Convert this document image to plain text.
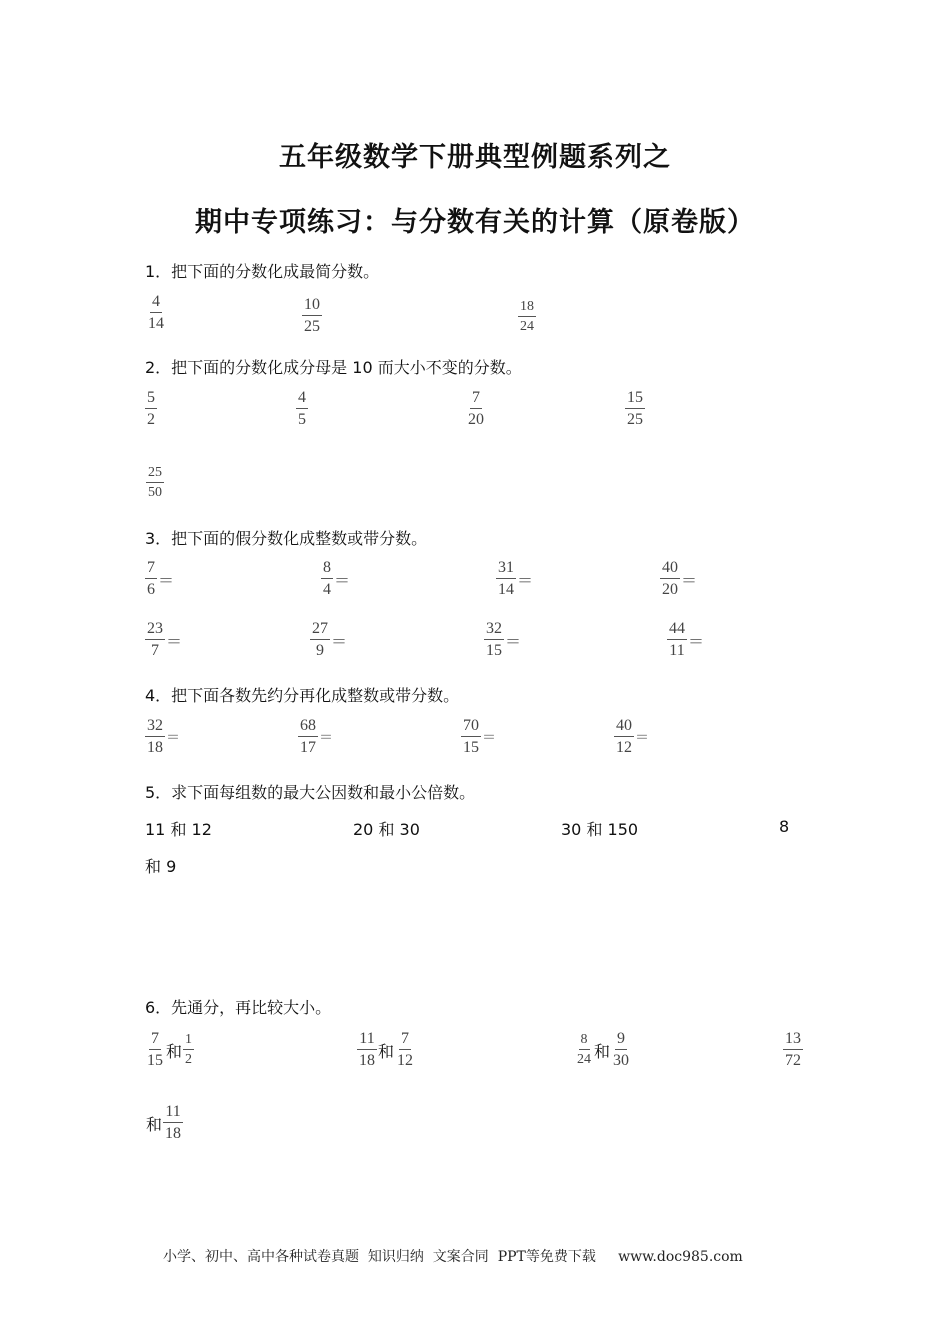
五年级数学下册典型例题系列之
期中专项练习：与分数有关的计算（原卷版）
1．把下面的分数化成最简分数。
$\frac{4}{14}$	$\frac{10}{25}$	$\frac{18}{24}$
2．把下面的分数化成分母是 10 而大小不变的分数。
$\frac{5}{2}$	$\frac{4}{5}$	$\frac{7}{20}$	$\frac{15}{25}$
$\frac{25}{50}$
3．把下面的假分数化成整数或带分数。
$\frac{7}{6}$ ＝	$\frac{8}{4}$ ＝	$\frac{31}{14}$ ＝	$\frac{40}{20}$ ＝
$\frac{23}{7}$ ＝	$\frac{27}{9}$ ＝	$\frac{32}{15}$ ＝	$\frac{44}{11}$ ＝
4．把下面各数先约分再化成整数或带分数。
$\frac{32}{18}$ ＝	$\frac{68}{17}$ ＝	$\frac{70}{15}$ ＝	$\frac{40}{12}$ ＝
5．求下面每组数的最大公因数和最小公倍数。
11 和 12	20 和 30	30 和 150	8
和 9
6．先通分，再比较大小。
$\frac{7}{15}$ 和 $\frac{1}{2}$	$\frac{11}{18}$ 和 $\frac{7}{12}$	$\frac{8}{24}$ 和 $\frac{9}{30}$	$\frac{13}{72}$
和 $\frac{11}{18}$
小学、初中、高中各种试卷真题  知识归纳  文案合同  PPT等免费下载     www.doc985.com
